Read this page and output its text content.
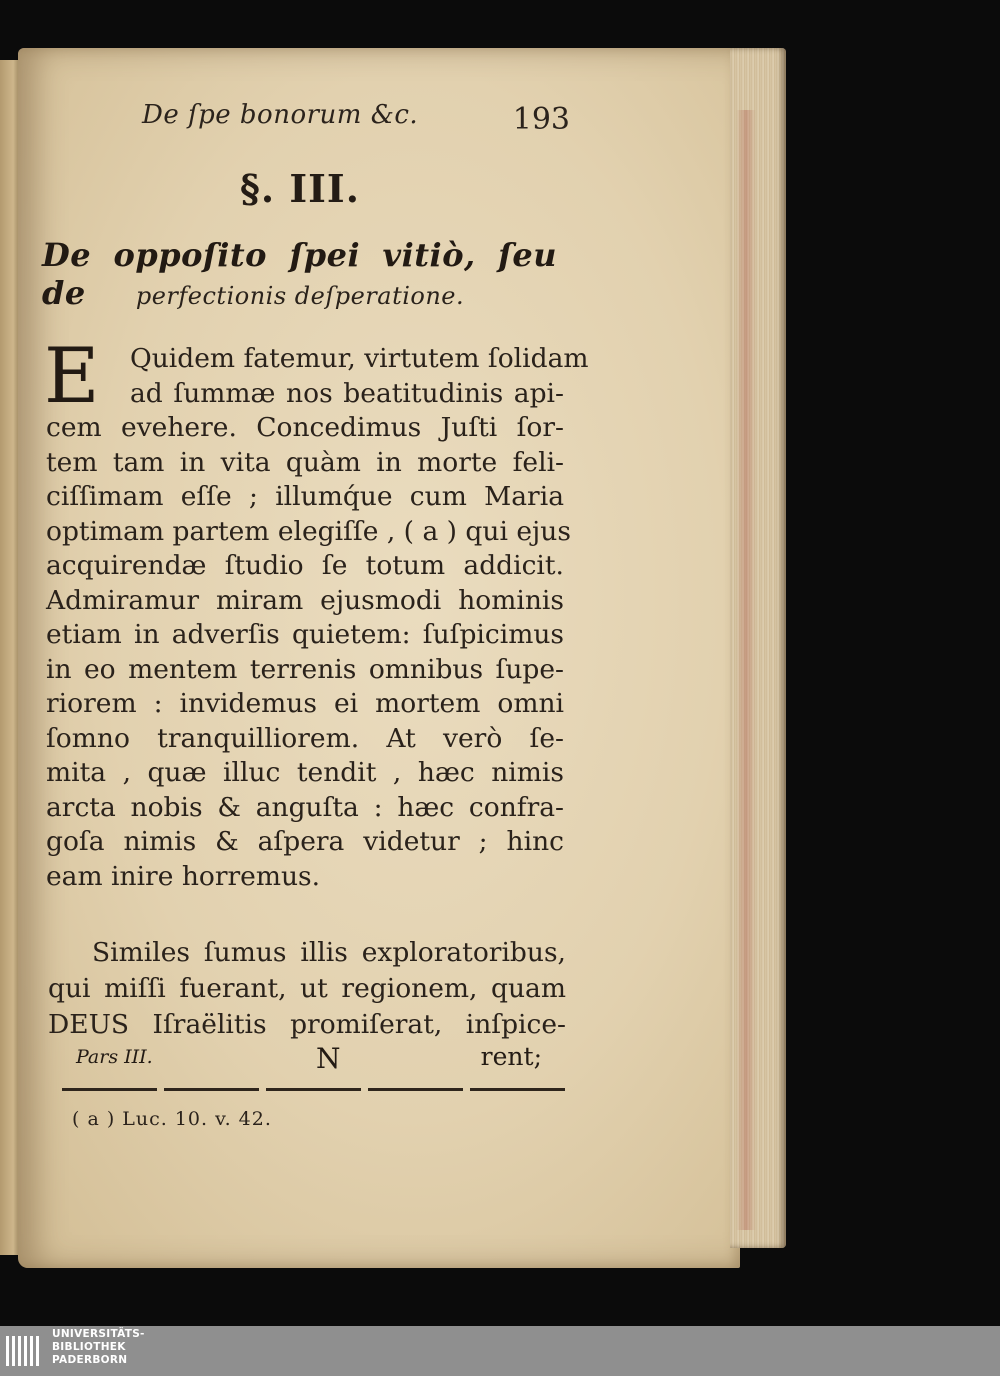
De ſpe bonorum &c.	193
§. III.
De oppoſito ſpei vitiò, ſeu de	perfectionis deſperatione.
E	Quidem fatemur, virtutem ſolidam
ad ſummæ nos beatitudinis api-
cem evehere. Concedimus Juſti ſor-
tem tam in vita quàm in morte feli-
ciſſimam eſſe ; illumq́ue cum Maria
optimam partem elegiſſe , ( a ) qui ejus
acquirendæ ſtudio ſe totum addicit.
Admiramur miram ejusmodi hominis
etiam in adverſis quietem: ſuſpicimus
in eo mentem terrenis omnibus ſupe-
riorem : invidemus ei mortem omni
ſomno tranquilliorem. At verò ſe-
mita , quæ illuc tendit , hæc nimis
arcta nobis & anguſta : hæc confra-
goſa nimis & aſpera videtur ; hinc
eam inire horremus.
Similes ſumus illis exploratoribus,
qui miſſi fuerant, ut regionem, quam
DEUS Iſraëlitis promiſerat, inſpice-
Pars III.	N	rent;
( a ) Luc. 10. v. 42.
UNIVERSITÄTS-
BIBLIOTHEK
PADERBORN
